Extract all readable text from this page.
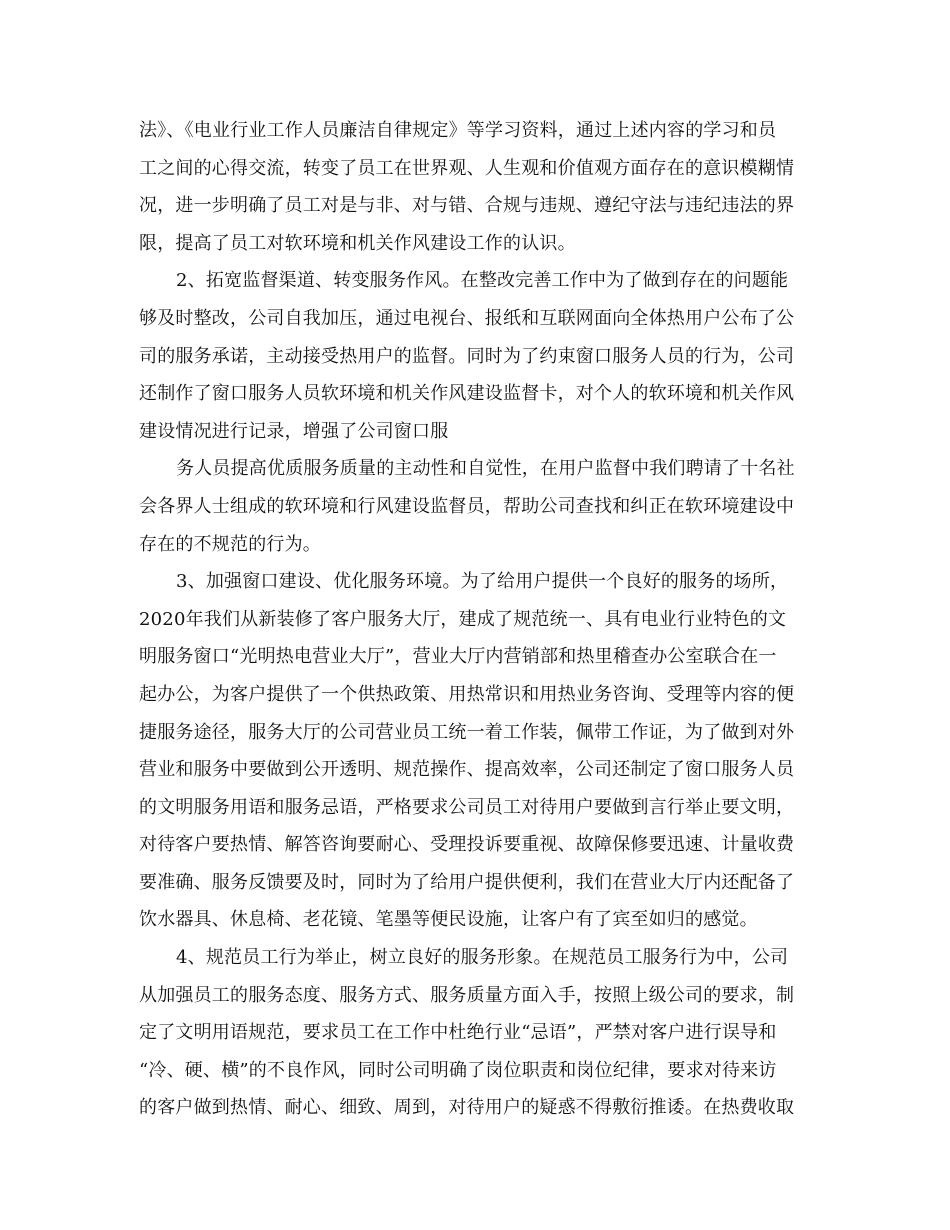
法》、《电业行业工作人员廉洁自律规定》等学习资料，通过上述内容的学习和员
工之间的心得交流，转变了员工在世界观、人生观和价值观方面存在的意识模糊情
况，进一步明确了员工对是与非、对与错、合规与违规、遵纪守法与违纪违法的界
限，提高了员工对软环境和机关作风建设工作的认识。
2、拓宽监督渠道、转变服务作风。在整改完善工作中为了做到存在的问题能
够及时整改，公司自我加压，通过电视台、报纸和互联网面向全体热用户公布了公
司的服务承诺，主动接受热用户的监督。同时为了约束窗口服务人员的行为，公司
还制作了窗口服务人员软环境和机关作风建设监督卡，对个人的软环境和机关作风
建设情况进行记录，增强了公司窗口服
务人员提高优质服务质量的主动性和自觉性，在用户监督中我们聘请了十名社
会各界人士组成的软环境和行风建设监督员，帮助公司查找和纠正在软环境建设中
存在的不规范的行为。
3、加强窗口建设、优化服务环境。为了给用户提供一个良好的服务的场所，
2020年我们从新装修了客户服务大厅，建成了规范统一、具有电业行业特色的文
明服务窗口“光明热电营业大厅”，营业大厅内营销部和热里稽查办公室联合在一
起办公，为客户提供了一个供热政策、用热常识和用热业务咨询、受理等内容的便
捷服务途径，服务大厅的公司营业员工统一着工作装，佩带工作证，为了做到对外
营业和服务中要做到公开透明、规范操作、提高效率，公司还制定了窗口服务人员
的文明服务用语和服务忌语，严格要求公司员工对待用户要做到言行举止要文明，
对待客户要热情、解答咨询要耐心、受理投诉要重视、故障保修要迅速、计量收费
要准确、服务反馈要及时，同时为了给用户提供便利，我们在营业大厅内还配备了
饮水器具、休息椅、老花镜、笔墨等便民设施，让客户有了宾至如归的感觉。
4、规范员工行为举止，树立良好的服务形象。在规范员工服务行为中，公司
从加强员工的服务态度、服务方式、服务质量方面入手，按照上级公司的要求，制
定了文明用语规范，要求员工在工作中杜绝行业“忌语”，严禁对客户进行误导和
“冷、硬、横”的不良作风，同时公司明确了岗位职责和岗位纪律，要求对待来访
的客户做到热情、耐心、细致、周到，对待用户的疑惑不得敷衍推诿。在热费收取
